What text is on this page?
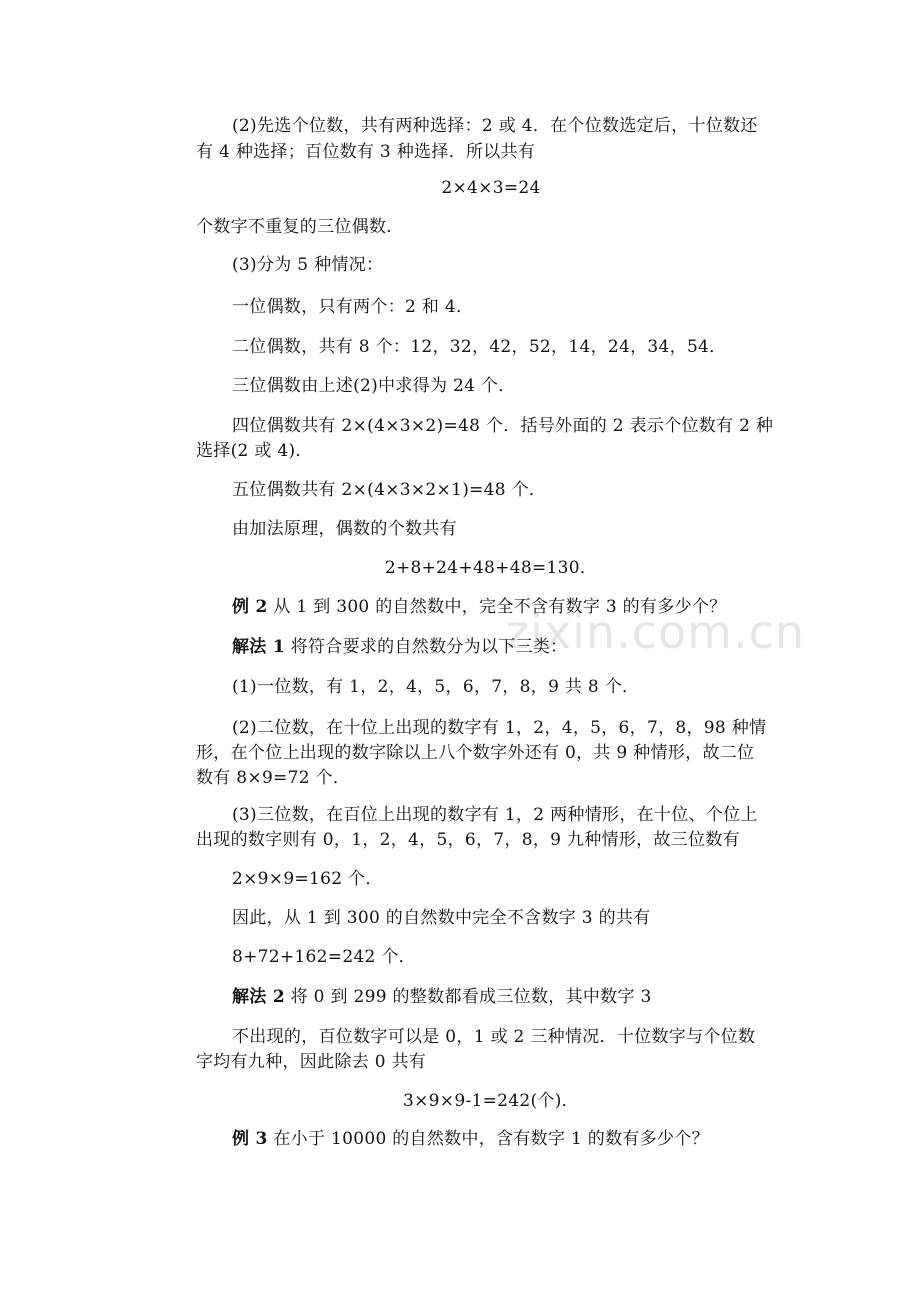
zixin.com.cn
(2)先选个位数，共有两种选择：2 或 4．在个位数选定后，十位数还
有 4 种选择；百位数有 3 种选择．所以共有
2×4×3=24
个数字不重复的三位偶数．
(3)分为 5 种情况：
一位偶数，只有两个：2 和 4．
二位偶数，共有 8 个：12，32，42，52，14，24，34，54．
三位偶数由上述(2)中求得为 24 个．
四位偶数共有 2×(4×3×2)=48 个．括号外面的 2 表示个位数有 2 种
选择(2 或 4)．
五位偶数共有 2×(4×3×2×1)=48 个．
由加法原理，偶数的个数共有
2+8+24+48+48=130．
例 2 从 1 到 300 的自然数中，完全不含有数字 3 的有多少个？
解法 1 将符合要求的自然数分为以下三类：
(1)一位数，有 1，2，4，5，6，7，8，9 共 8 个．
(2)二位数，在十位上出现的数字有 1，2，4，5，6，7，8，98 种情
形，在个位上出现的数字除以上八个数字外还有 0，共 9 种情形，故二位
数有 8×9=72 个．
(3)三位数，在百位上出现的数字有 1，2 两种情形，在十位、个位上
出现的数字则有 0，1，2，4，5，6，7，8，9 九种情形，故三位数有
2×9×9=162 个．
因此，从 1 到 300 的自然数中完全不含数字 3 的共有
8+72+162=242 个．
解法 2 将 0 到 299 的整数都看成三位数，其中数字 3
不出现的，百位数字可以是 0，1 或 2 三种情况．十位数字与个位数
字均有九种，因此除去 0 共有
3×9×9-1=242(个)．
例 3 在小于 10000 的自然数中，含有数字 1 的数有多少个？
